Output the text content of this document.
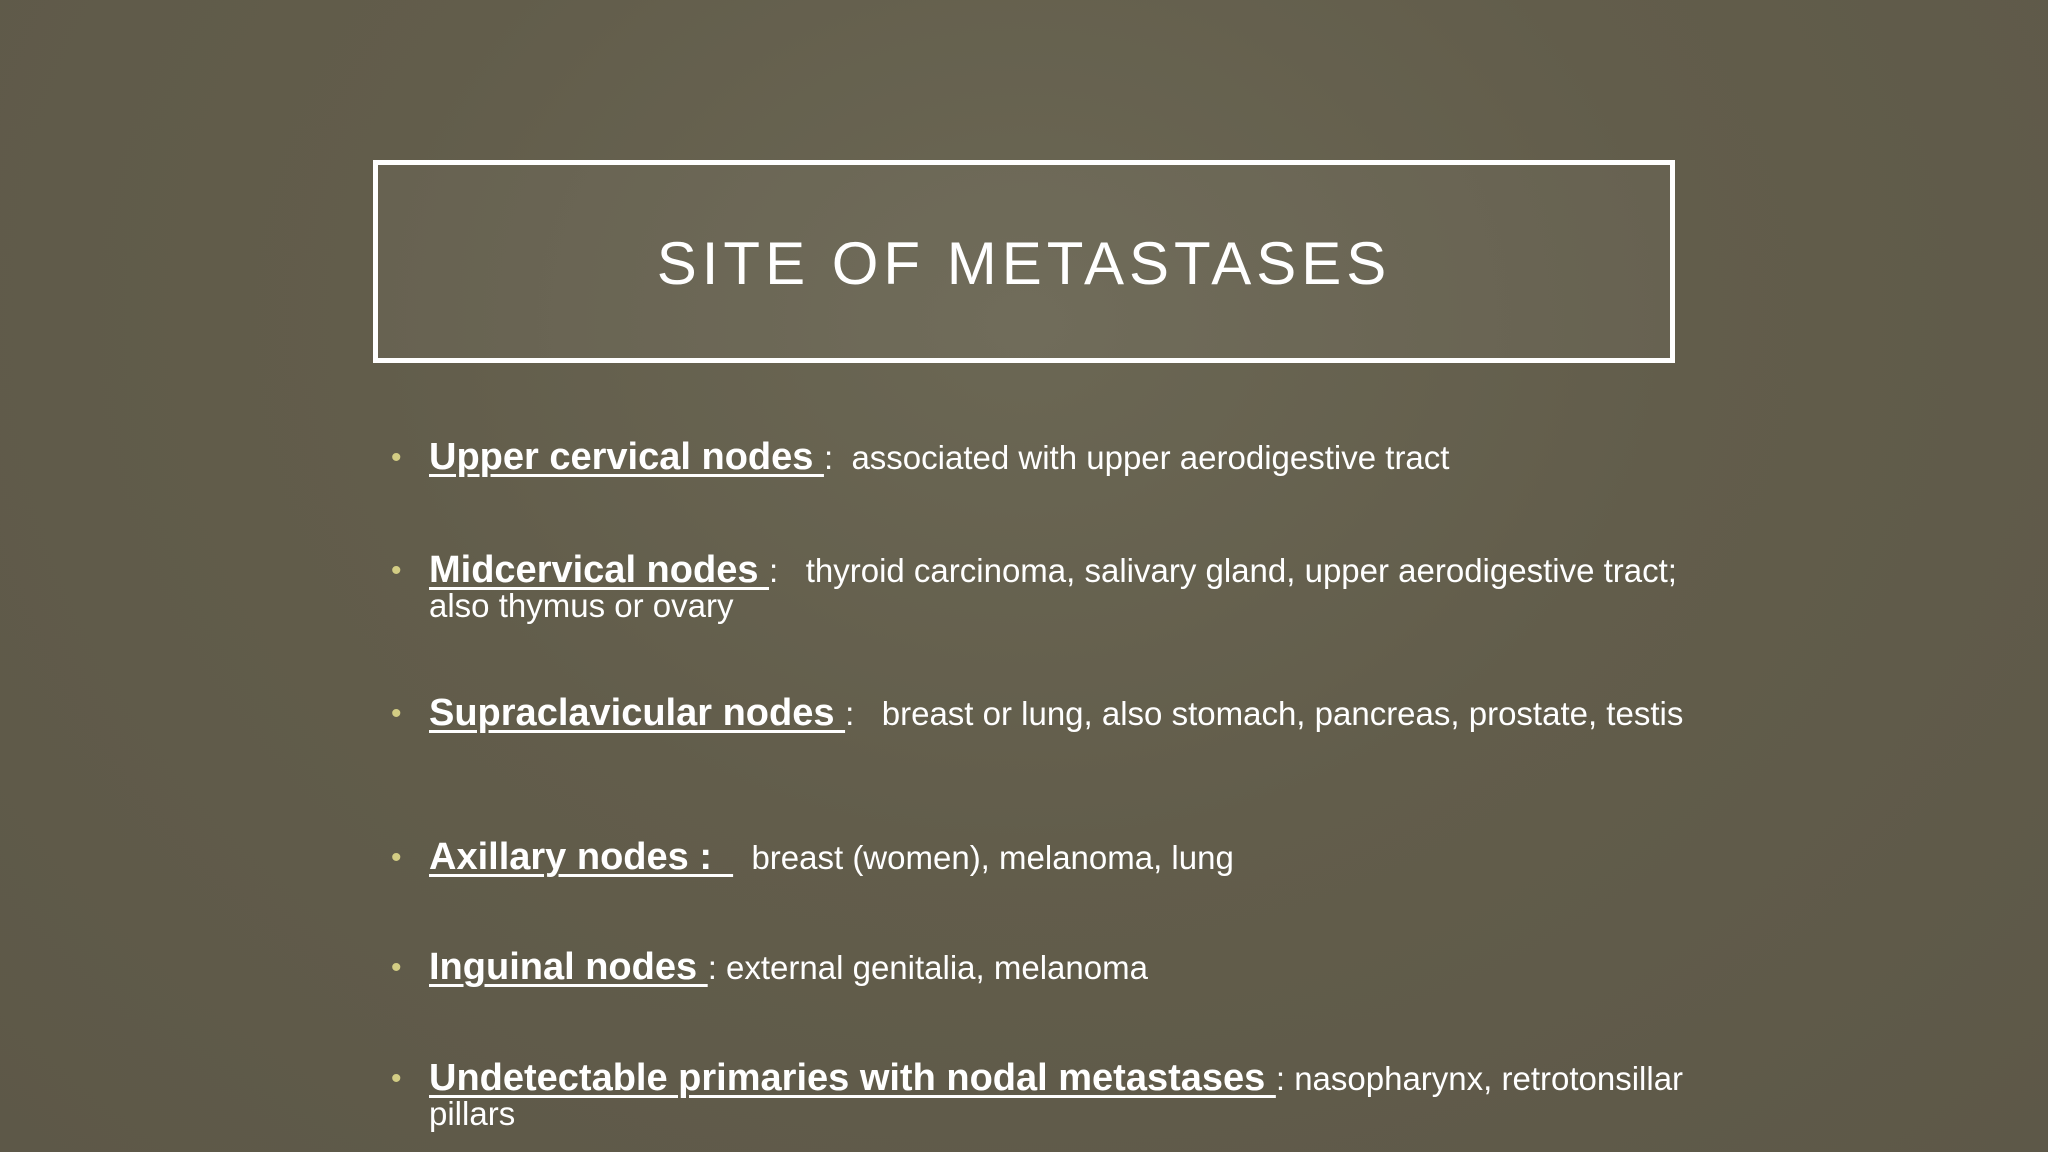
SITE OF METASTASES
• Upper cervical nodes :  associated with upper aerodigestive tract
• Midcervical nodes :   thyroid carcinoma, salivary gland, upper aerodigestive tract; also thymus or ovary
• Supraclavicular nodes :   breast or lung, also stomach, pancreas, prostate, testis
• Axillary nodes :    breast (women), melanoma, lung
• Inguinal nodes : external genitalia, melanoma
• Undetectable primaries with nodal metastases : nasopharynx, retrotonsillar pillars
